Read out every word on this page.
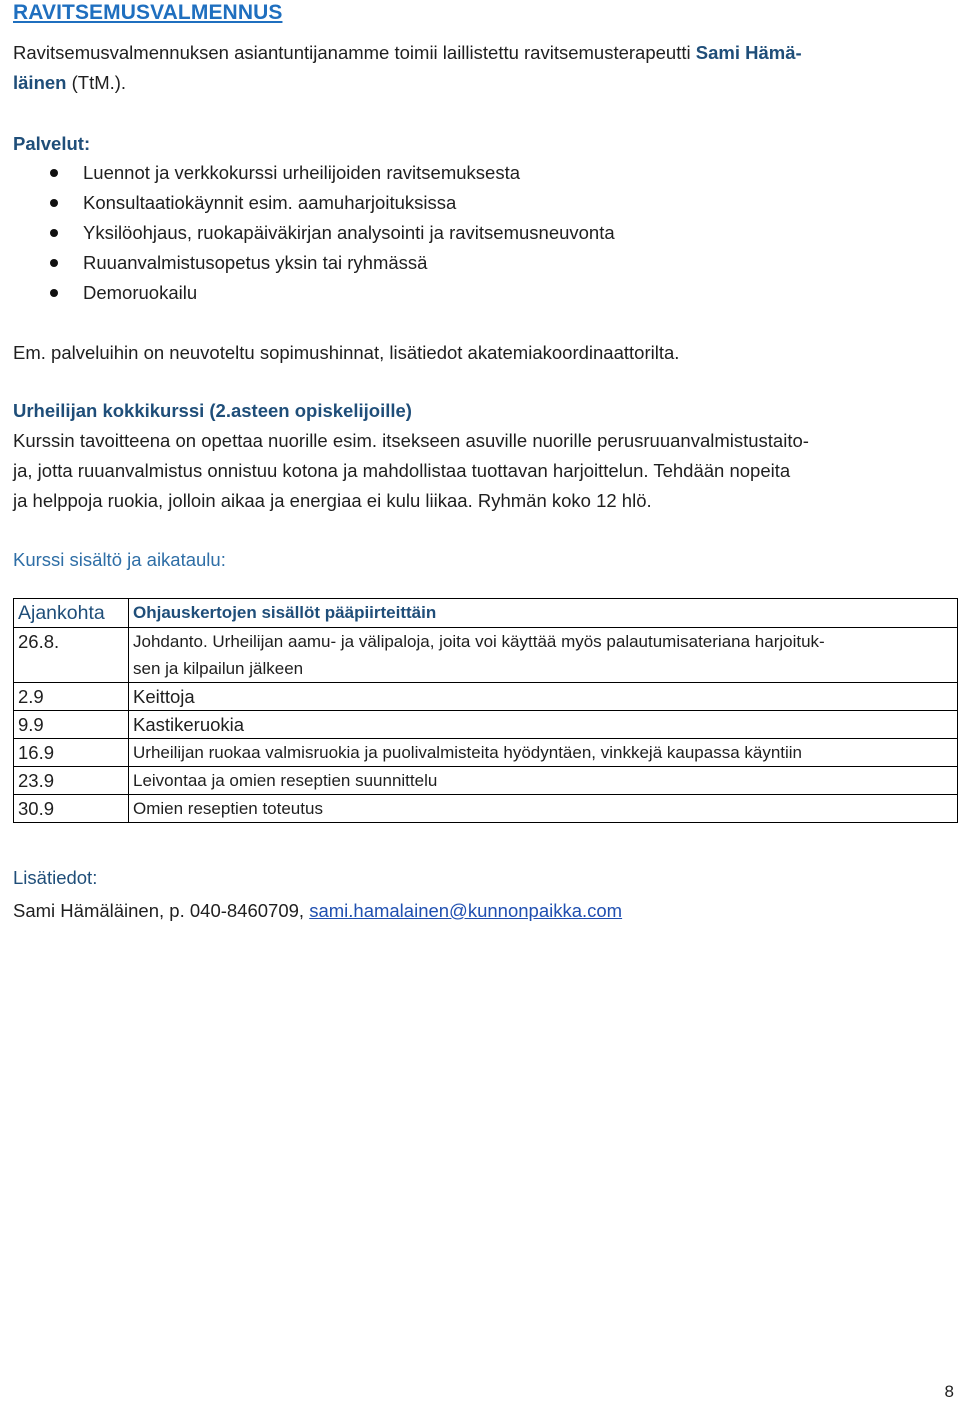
RAVITSEMUSVALMENNUS
Ravitsemusvalmennuksen asiantuntijanamme toimii laillistettu ravitsemusterapeutti Sami Hämä-
läinen (TtM.).
Palvelut:
Luennot ja verkkokurssi urheilijoiden ravitsemuksesta
Konsultaatiokäynnit esim. aamuharjoituksissa
Yksilöohjaus, ruokapäiväkirjan analysointi ja ravitsemusneuvonta
Ruuanvalmistusopetus yksin tai ryhmässä
Demoruokailu
Em. palveluihin on neuvoteltu sopimushinnat, lisätiedot akatemiakoordinaattorilta.
Urheilijan kokkikurssi (2.asteen opiskelijoille)
Kurssin tavoitteena on opettaa nuorille esim. itsekseen asuville nuorille perusruuanvalmistustaito-
ja, jotta ruuanvalmistus onnistuu kotona ja mahdollistaa tuottavan harjoittelun. Tehdään nopeita
ja helppoja ruokia, jolloin aikaa ja energiaa ei kulu liikaa. Ryhmän koko 12 hlö.
Kurssi sisältö ja aikataulu:
Ajankohta	Ohjauskertojen sisällöt pääpiirteittäin
26.8.	Johdanto. Urheilijan aamu- ja välipaloja, joita voi käyttää myös palautumisateriana harjoituk-
sen ja kilpailun jälkeen
2.9	Keittoja
9.9	Kastikeruokia
16.9	Urheilijan ruokaa valmisruokia ja puolivalmisteita hyödyntäen, vinkkejä kaupassa käyntiin
23.9	Leivontaa ja omien reseptien suunnittelu
30.9	Omien reseptien toteutus
Lisätiedot:
Sami Hämäläinen, p. 040-8460709, sami.hamalainen@kunnonpaikka.com
8
